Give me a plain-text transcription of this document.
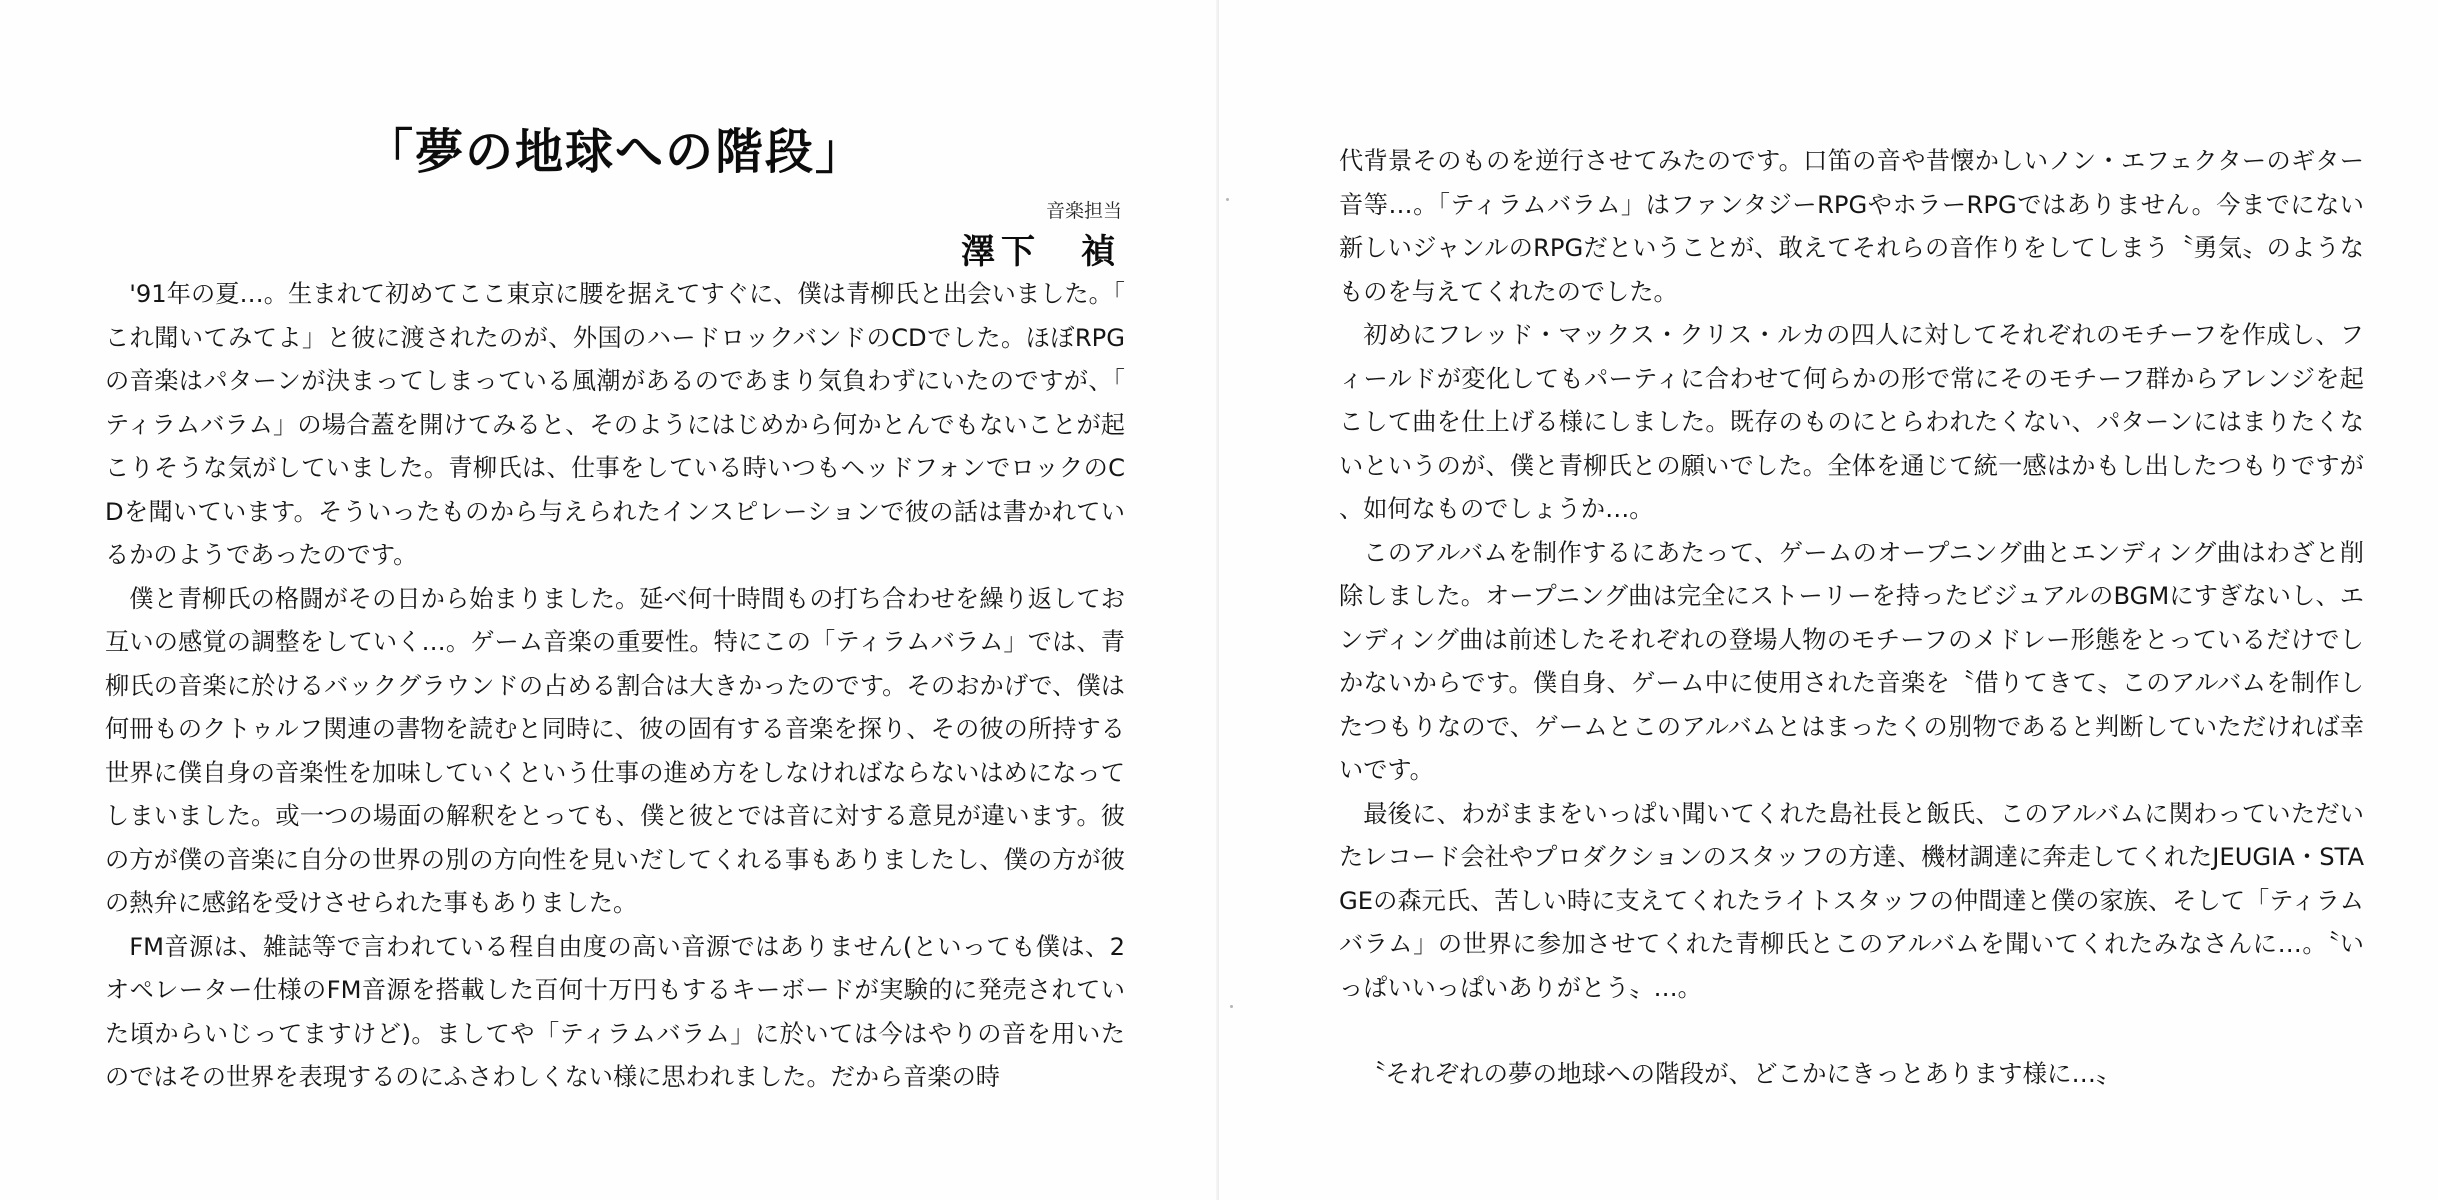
「夢の地球への階段」
音楽担当
澤下　禎

'91年の夏…。生まれて初めてここ東京に腰を据えてすぐに、僕は青柳氏と出会いました。「これ聞いてみてよ」と彼に渡されたのが、外国のハードロックバンドのCDでした。ほぼRPGの音楽はパターンが決まってしまっている風潮があるのであまり気負わずにいたのですが、「ティラムバラム」の場合蓋を開けてみると、そのようにはじめから何かとんでもないことが起こりそうな気がしていました。青柳氏は、仕事をしている時いつもヘッドフォンでロックのCDを聞いています。そういったものから与えられたインスピレーションで彼の話は書かれているかのようであったのです。

僕と青柳氏の格闘がその日から始まりました。延べ何十時間もの打ち合わせを繰り返してお互いの感覚の調整をしていく…。ゲーム音楽の重要性。特にこの「ティラムバラム」では、青柳氏の音楽に於けるバックグラウンドの占める割合は大きかったのです。そのおかげで、僕は何冊ものクトゥルフ関連の書物を読むと同時に、彼の固有する音楽を探り、その彼の所持する世界に僕自身の音楽性を加味していくという仕事の進め方をしなければならないはめになってしまいました。或一つの場面の解釈をとっても、僕と彼とでは音に対する意見が違います。彼の方が僕の音楽に自分の世界の別の方向性を見いだしてくれる事もありましたし、僕の方が彼の熱弁に感銘を受けさせられた事もありました。

FM音源は、雑誌等で言われている程自由度の高い音源ではありません(といっても僕は、2オペレーター仕様のFM音源を搭載した百何十万円もするキーボードが実験的に発売されていた頃からいじってますけど)。ましてや「ティラムバラム」に於いては今はやりの音を用いたのではその世界を表現するのにふさわしくない様に思われました。だから音楽の時

代背景そのものを逆行させてみたのです。口笛の音や昔懐かしいノン・エフェクターのギター音等…。「ティラムバラム」はファンタジーRPGやホラーRPGではありません。今までにない新しいジャンルのRPGだということが、敢えてそれらの音作りをしてしまう〝勇気〟のようなものを与えてくれたのでした。

初めにフレッド・マックス・クリス・ルカの四人に対してそれぞれのモチーフを作成し、フィールドが変化してもパーティに合わせて何らかの形で常にそのモチーフ群からアレンジを起こして曲を仕上げる様にしました。既存のものにとらわれたくない、パターンにはまりたくないというのが、僕と青柳氏との願いでした。全体を通じて統一感はかもし出したつもりですが、如何なものでしょうか…。

このアルバムを制作するにあたって、ゲームのオープニング曲とエンディング曲はわざと削除しました。オープニング曲は完全にストーリーを持ったビジュアルのBGMにすぎないし、エンディング曲は前述したそれぞれの登場人物のモチーフのメドレー形態をとっているだけでしかないからです。僕自身、ゲーム中に使用された音楽を〝借りてきて〟このアルバムを制作したつもりなので、ゲームとこのアルバムとはまったくの別物であると判断していただければ幸いです。

最後に、わがままをいっぱい聞いてくれた島社長と飯氏、このアルバムに関わっていただいたレコード会社やプロダクションのスタッフの方達、機材調達に奔走してくれたJEUGIA・STAGEの森元氏、苦しい時に支えてくれたライトスタッフの仲間達と僕の家族、そして「ティラムバラム」の世界に参加させてくれた青柳氏とこのアルバムを聞いてくれたみなさんに…。〝いっぱいいっぱいありがとう〟…。

〝それぞれの夢の地球への階段が、どこかにきっとあります様に…〟
